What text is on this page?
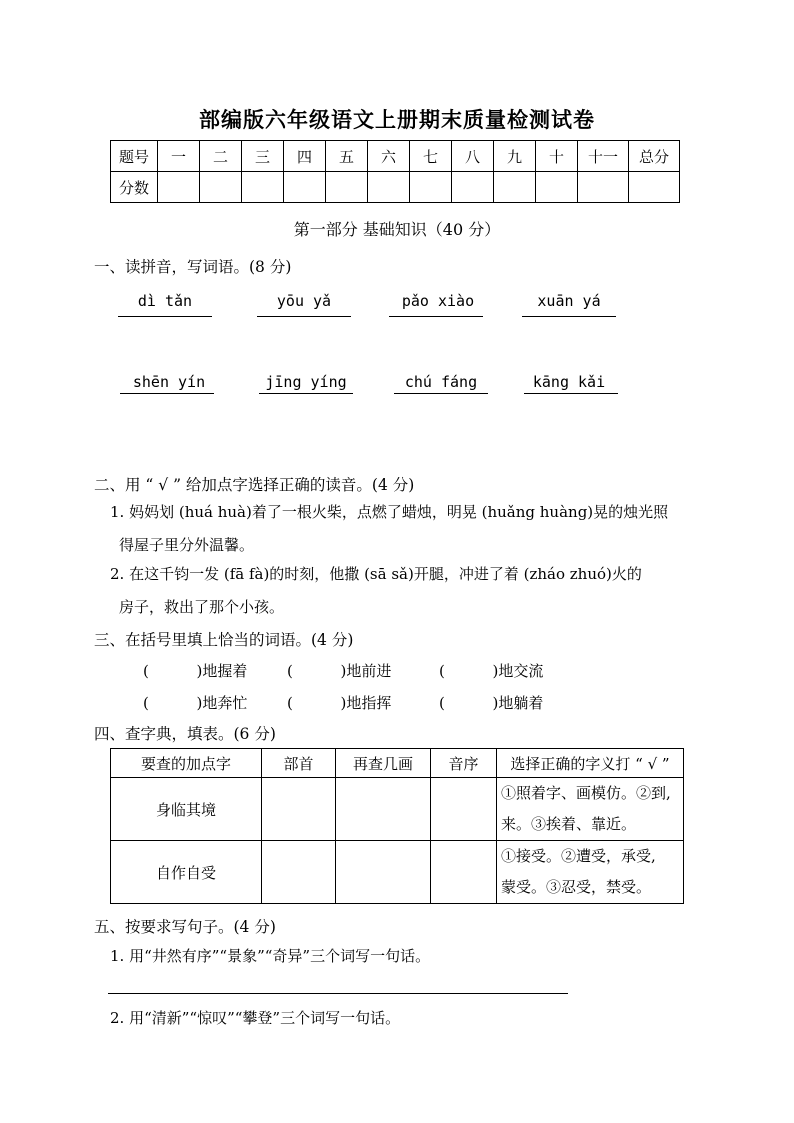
部编版六年级语文上册期末质量检测试卷
题号	一	二	三	四	五	六	七	八	九	十	十一	总分
分数												
第一部分 基础知识（40 分）
一、读拼音，写词语。(8 分)
dì tǎn	yōu yǎ	pǎo xiào	xuān yá
shēn yín	jīng yíng	chú fáng	kāng kǎi
二、用 “ √ ” 给加点字选择正确的读音。(4 分)
1. 妈妈划 (huá huà)着了一根火柴，点燃了蜡烛，明晃 (huǎng huàng)晃的烛光照
得屋子里分外温馨。
2. 在这千钧一发 (fā fà)的时刻，他撒 (sā sǎ)开腿，冲进了着 (zháo zhuó)火的
房子，救出了那个小孩。
三、在括号里填上恰当的词语。(4 分)
(          )地握着	(          )地前进	(          )地交流
(          )地奔忙	(          )地指挥	(          )地躺着
四、查字典，填表。(6 分)
要查的加点字	部首	再查几画	音序	选择正确的字义打 “ √ ”
身临其境				①照着字、画模仿。②到,
来。③挨着、靠近。

自作自受				①接受。②遭受，承受,
蒙受。③忍受，禁受。
五、按要求写句子。(4 分)
1. 用“井然有序”“景象”“奇异”三个词写一句话。
2. 用“清新”“惊叹”“攀登”三个词写一句话。
